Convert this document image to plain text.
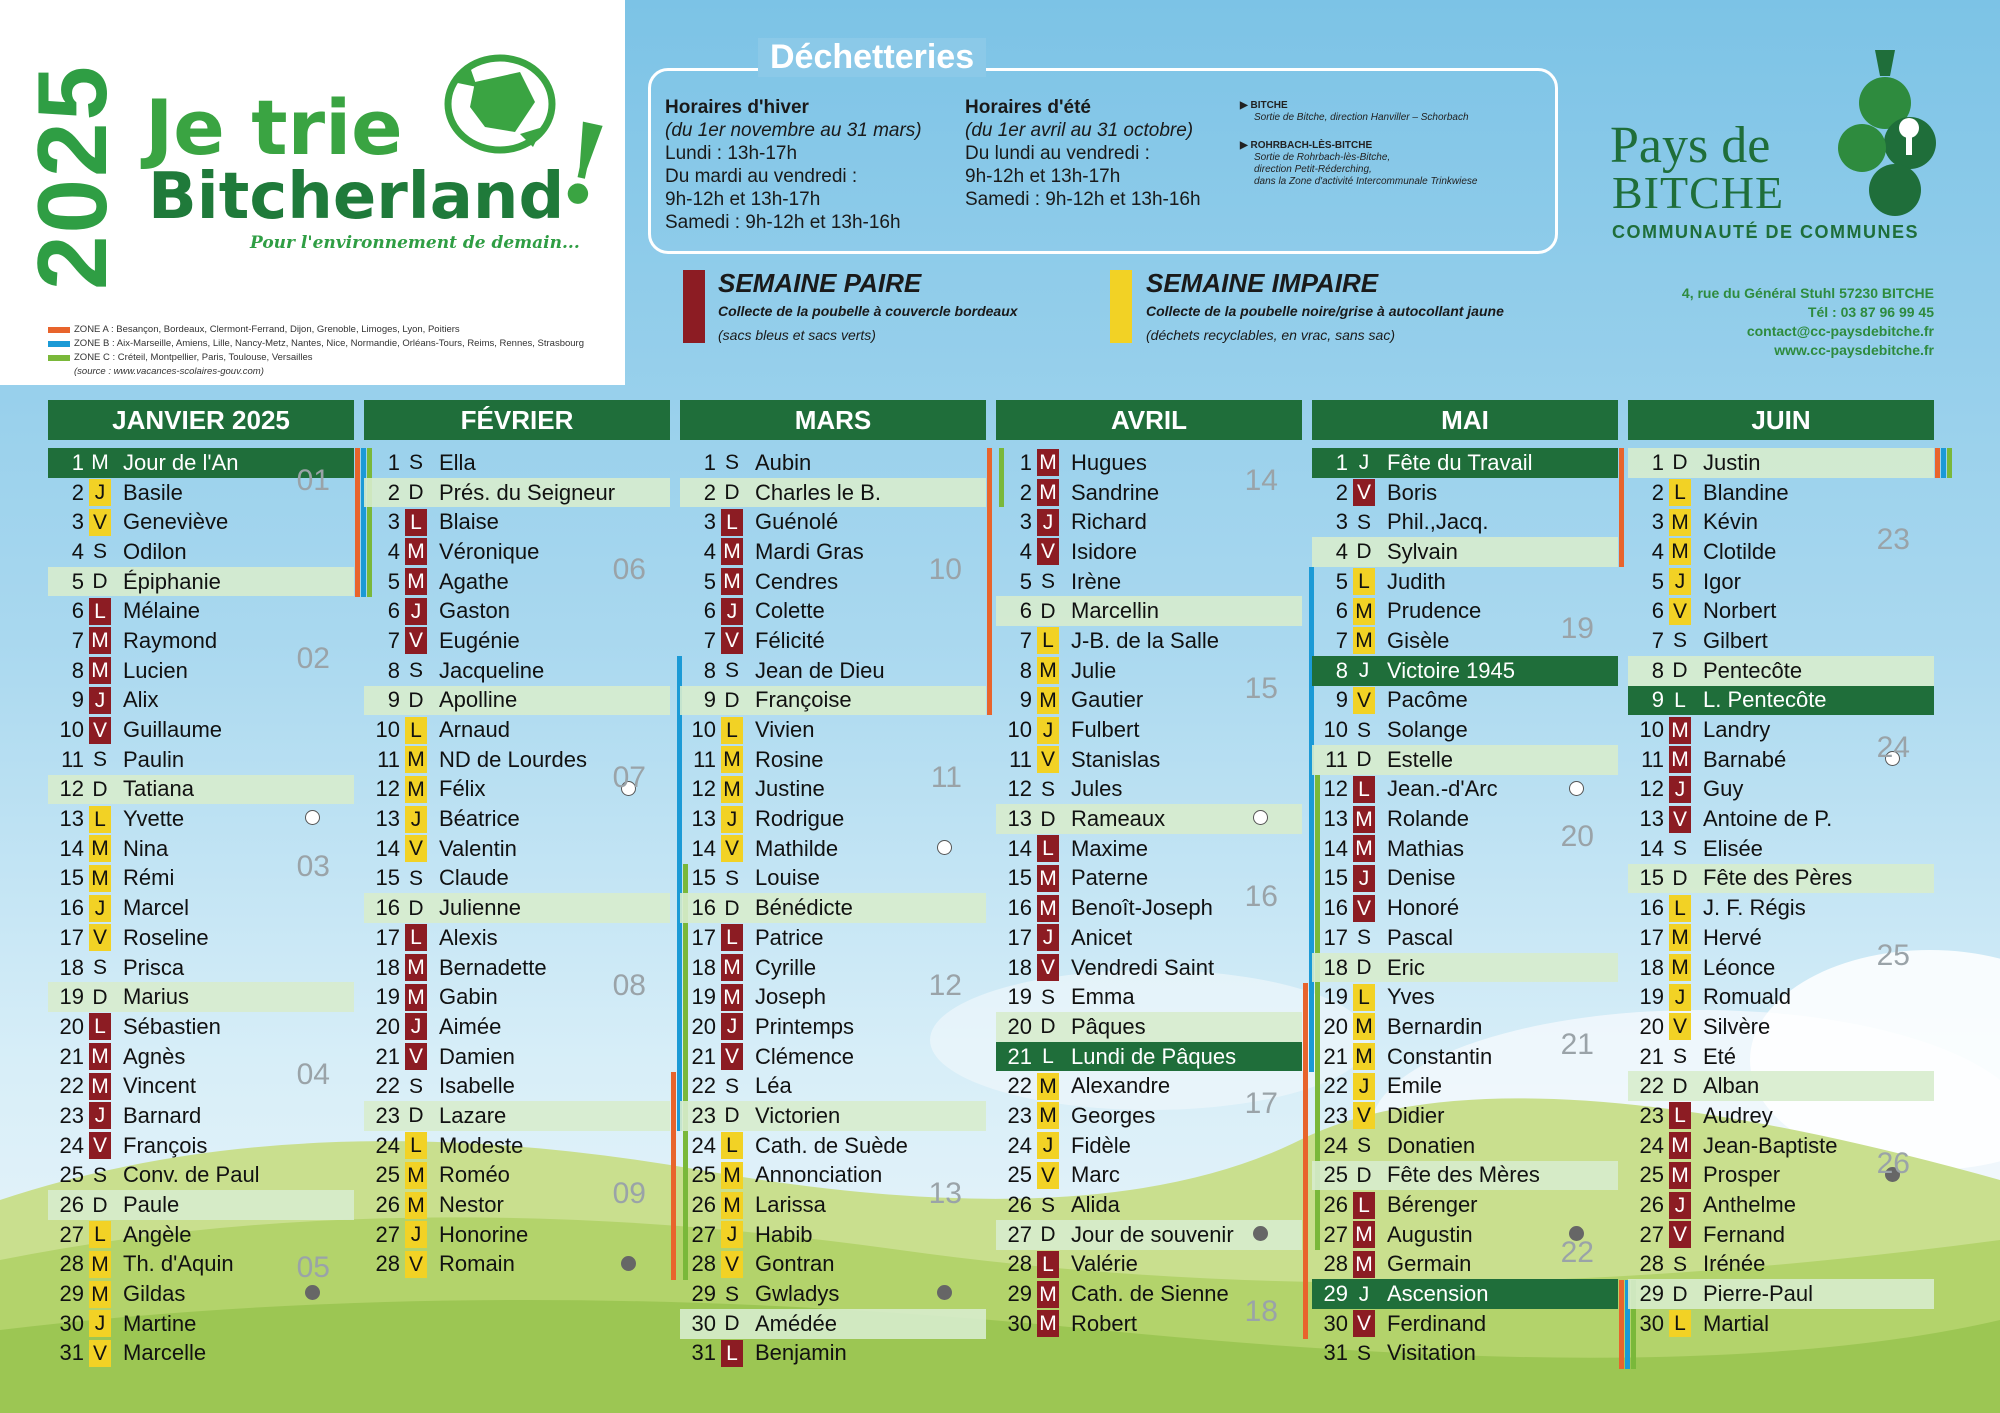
2025 Je trie
Bitcherland
!
Pour l'environnement de demain...
ZONE A : Besançon, Bordeaux, Clermont-Ferrand, Dijon, Grenoble, Limoges, Lyon, Poitiers
ZONE B : Aix-Marseille, Amiens, Lille, Nancy-Metz, Nantes, Nice, Normandie, Orléans-Tours, Reims, Rennes, Strasbourg
ZONE C : Créteil, Montpellier, Paris, Toulouse, Versailles
(source : www.vacances-scolaires-gouv.com)
Déchetteries
Horaires d'hiver
(du 1er novembre au 31 mars)
Lundi : 13h-17h
Du mardi au vendredi :
9h-12h et 13h-17h
Samedi : 9h-12h et 13h-16h
Horaires d'été
(du 1er avril au 31 octobre)
Du lundi au vendredi :
9h-12h et 13h-17h
Samedi : 9h-12h et 13h-16h
▶ BITCHE
Sortie de Bitche, direction Hanviller – Schorbach
▶ ROHRBACH-LÈS-BITCHE
Sortie de Rohrbach-lès-Bitche,
direction Petit-Réderching,
dans la Zone d'activité Intercommunale Trinkwiese
SEMAINE PAIRE
Collecte de la poubelle à couvercle bordeaux
(sacs bleus et sacs verts)
SEMAINE IMPAIRE
Collecte de la poubelle noire/grise à autocollant jaune
(déchets recyclables, en vrac, sans sac)
Pays de
BITCHE
COMMUNAUTÉ DE COMMUNES
4, rue du Général Stuhl 57230 BITCHE
Tél : 03 87 96 99 45
contact@cc-paysdebitche.fr
www.cc-paysdebitche.fr
JANVIER 2025
1 M Jour de l'An
2 J Basile
3 V Geneviève
4 S Odilon
5 D Épiphanie
6 L Mélaine
7 M Raymond
8 M Lucien
9 J Alix
10 V Guillaume
11 S Paulin
12 D Tatiana
13 L Yvette
14 M Nina
15 M Rémi
16 J Marcel
17 V Roseline
18 S Prisca
19 D Marius
20 L Sébastien
21 M Agnès
22 M Vincent
23 J Barnard
24 V François
25 S Conv. de Paul
26 D Paule
27 L Angèle
28 M Th. d'Aquin
29 M Gildas
30 J Martine
31 V Marcelle
01
02
03
04
05
FÉVRIER
1 S Ella
2 D Prés. du Seigneur
3 L Blaise
4 M Véronique
5 M Agathe
6 J Gaston
7 V Eugénie
8 S Jacqueline
9 D Apolline
10 L Arnaud
11 M ND de Lourdes
12 M Félix
13 J Béatrice
14 V Valentin
15 S Claude
16 D Julienne
17 L Alexis
18 M Bernadette
19 M Gabin
20 J Aimée
21 V Damien
22 S Isabelle
23 D Lazare
24 L Modeste
25 M Roméo
26 M Nestor
27 J Honorine
28 V Romain
06
07
08
09
MARS
1 S Aubin
2 D Charles le B.
3 L Guénolé
4 M Mardi Gras
5 M Cendres
6 J Colette
7 V Félicité
8 S Jean de Dieu
9 D Françoise
10 L Vivien
11 M Rosine
12 M Justine
13 J Rodrigue
14 V Mathilde
15 S Louise
16 D Bénédicte
17 L Patrice
18 M Cyrille
19 M Joseph
20 J Printemps
21 V Clémence
22 S Léa
23 D Victorien
24 L Cath. de Suède
25 M Annonciation
26 M Larissa
27 J Habib
28 V Gontran
29 S Gwladys
30 D Amédée
31 L Benjamin
10
11
12
13
AVRIL
1 M Hugues
2 M Sandrine
3 J Richard
4 V Isidore
5 S Irène
6 D Marcellin
7 L J-B. de la Salle
8 M Julie
9 M Gautier
10 J Fulbert
11 V Stanislas
12 S Jules
13 D Rameaux
14 L Maxime
15 M Paterne
16 M Benoît-Joseph
17 J Anicet
18 V Vendredi Saint
19 S Emma
20 D Pâques
21 L Lundi de Pâques
22 M Alexandre
23 M Georges
24 J Fidèle
25 V Marc
26 S Alida
27 D Jour de souvenir
28 L Valérie
29 M Cath. de Sienne
30 M Robert
14
15
16
17
18
MAI
1 J Fête du Travail
2 V Boris
3 S Phil.,Jacq.
4 D Sylvain
5 L Judith
6 M Prudence
7 M Gisèle
8 J Victoire 1945
9 V Pacôme
10 S Solange
11 D Estelle
12 L Jean.-d'Arc
13 M Rolande
14 M Mathias
15 J Denise
16 V Honoré
17 S Pascal
18 D Eric
19 L Yves
20 M Bernardin
21 M Constantin
22 J Emile
23 V Didier
24 S Donatien
25 D Fête des Mères
26 L Bérenger
27 M Augustin
28 M Germain
29 J Ascension
30 V Ferdinand
31 S Visitation
19
20
21
22
JUIN
1 D Justin
2 L Blandine
3 M Kévin
4 M Clotilde
5 J Igor
6 V Norbert
7 S Gilbert
8 D Pentecôte
9 L L. Pentecôte
10 M Landry
11 M Barnabé
12 J Guy
13 V Antoine de P.
14 S Elisée
15 D Fête des Pères
16 L J. F. Régis
17 M Hervé
18 M Léonce
19 J Romuald
20 V Silvère
21 S Eté
22 D Alban
23 L Audrey
24 M Jean-Baptiste
25 M Prosper
26 J Anthelme
27 V Fernand
28 S Irénée
29 D Pierre-Paul
30 L Martial
23
24
25
26
